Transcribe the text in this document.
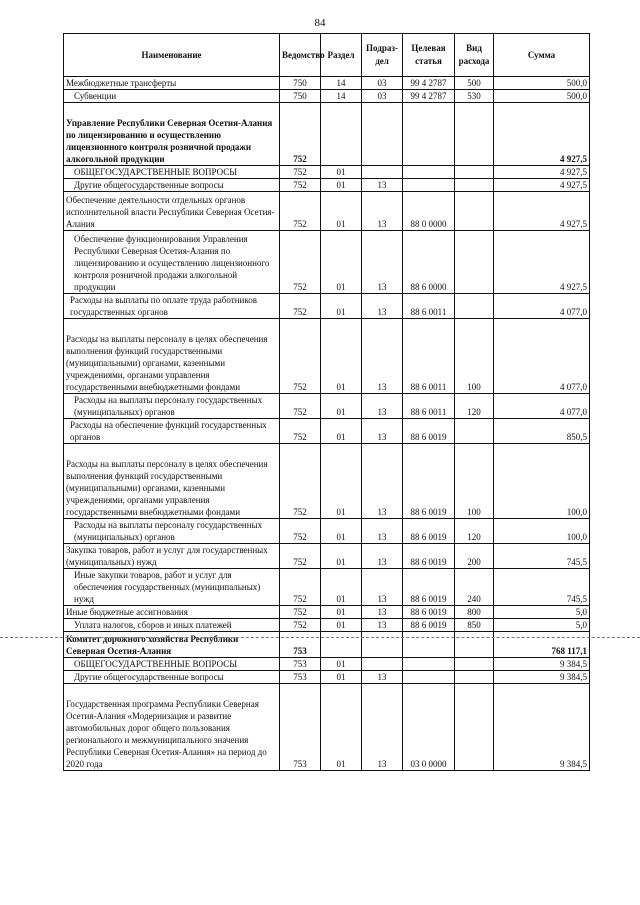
84
Наименование	Ведомство	Раздел	Подраз-дел	Целевая статья	Вид расхода	Сумма
Межбюджетные трансферты	750	14	03	99 4 2787	500	500,0
Субвенции	750	14	03	99 4 2787	530	500,0
Управление Республики Северная Осетия-Алания по лицензированию и осуществлению лицензионного контроля розничной продажи алкогольной продукции	752					4 927,5
ОБЩЕГОСУДАРСТВЕННЫЕ ВОПРОСЫ	752	01				4 927,5
Другие общегосударственные вопросы	752	01	13			4 927,5
Обеспечение деятельности отдельных органов исполнительной власти Республики Северная Осетия-Алания	752	01	13	88 0 0000		4 927,5
Обеспечение функционирования Управления Республики Северная Осетия-Алания по лицензированию и осуществлению лицензионного контроля розничной продажи алкогольной продукции	752	01	13	88 6 0000		4 927,5
Расходы на выплаты по оплате труда работников государственных органов	752	01	13	88 6 0011		4 077,0
Расходы на выплаты персоналу в целях обеспечения выполнения функций государственными (муниципальными) органами, казенными учреждениями, органами управления государственными внебюджетными фондами	752	01	13	88 6 0011	100	4 077,0
Расходы на выплаты персоналу государственных (муниципальных) органов	752	01	13	88 6 0011	120	4 077,0
Расходы на обеспечение функций государственных органов	752	01	13	88 6 0019		850,5
Расходы на выплаты персоналу в целях обеспечения выполнения функций государственными (муниципальными) органами, казенными учреждениями, органами управления государственными внебюджетными фондами	752	01	13	88 6 0019	100	100,0
Расходы на выплаты персоналу государственных (муниципальных) органов	752	01	13	88 6 0019	120	100,0
Закупка товаров, работ и услуг для государственных (муниципальных) нужд	752	01	13	88 6 0019	200	745,5
Иные закупки товаров, работ и услуг для обеспечения государственных (муниципальных) нужд	752	01	13	88 6 0019	240	745,5
Иные бюджетные ассигнования	752	01	13	88 6 0019	800	5,0
Уплата налогов, сборов и иных платежей	752	01	13	88 6 0019	850	5,0
Комитет дорожного хозяйства Республики Северная Осетия-Алания	753					768 117,1
ОБЩЕГОСУДАРСТВЕННЫЕ ВОПРОСЫ	753	01				9 384,5
Другие общегосударственные вопросы	753	01	13			9 384,5
Государственная программа Республики Северная Осетия-Алания «Модернизация и развитие автомобильных дорог общего пользования регионального и межмуниципального значения Республики Северная Осетия-Алания» на период до 2020 года	753	01	13	03 0 0000		9 384,5
